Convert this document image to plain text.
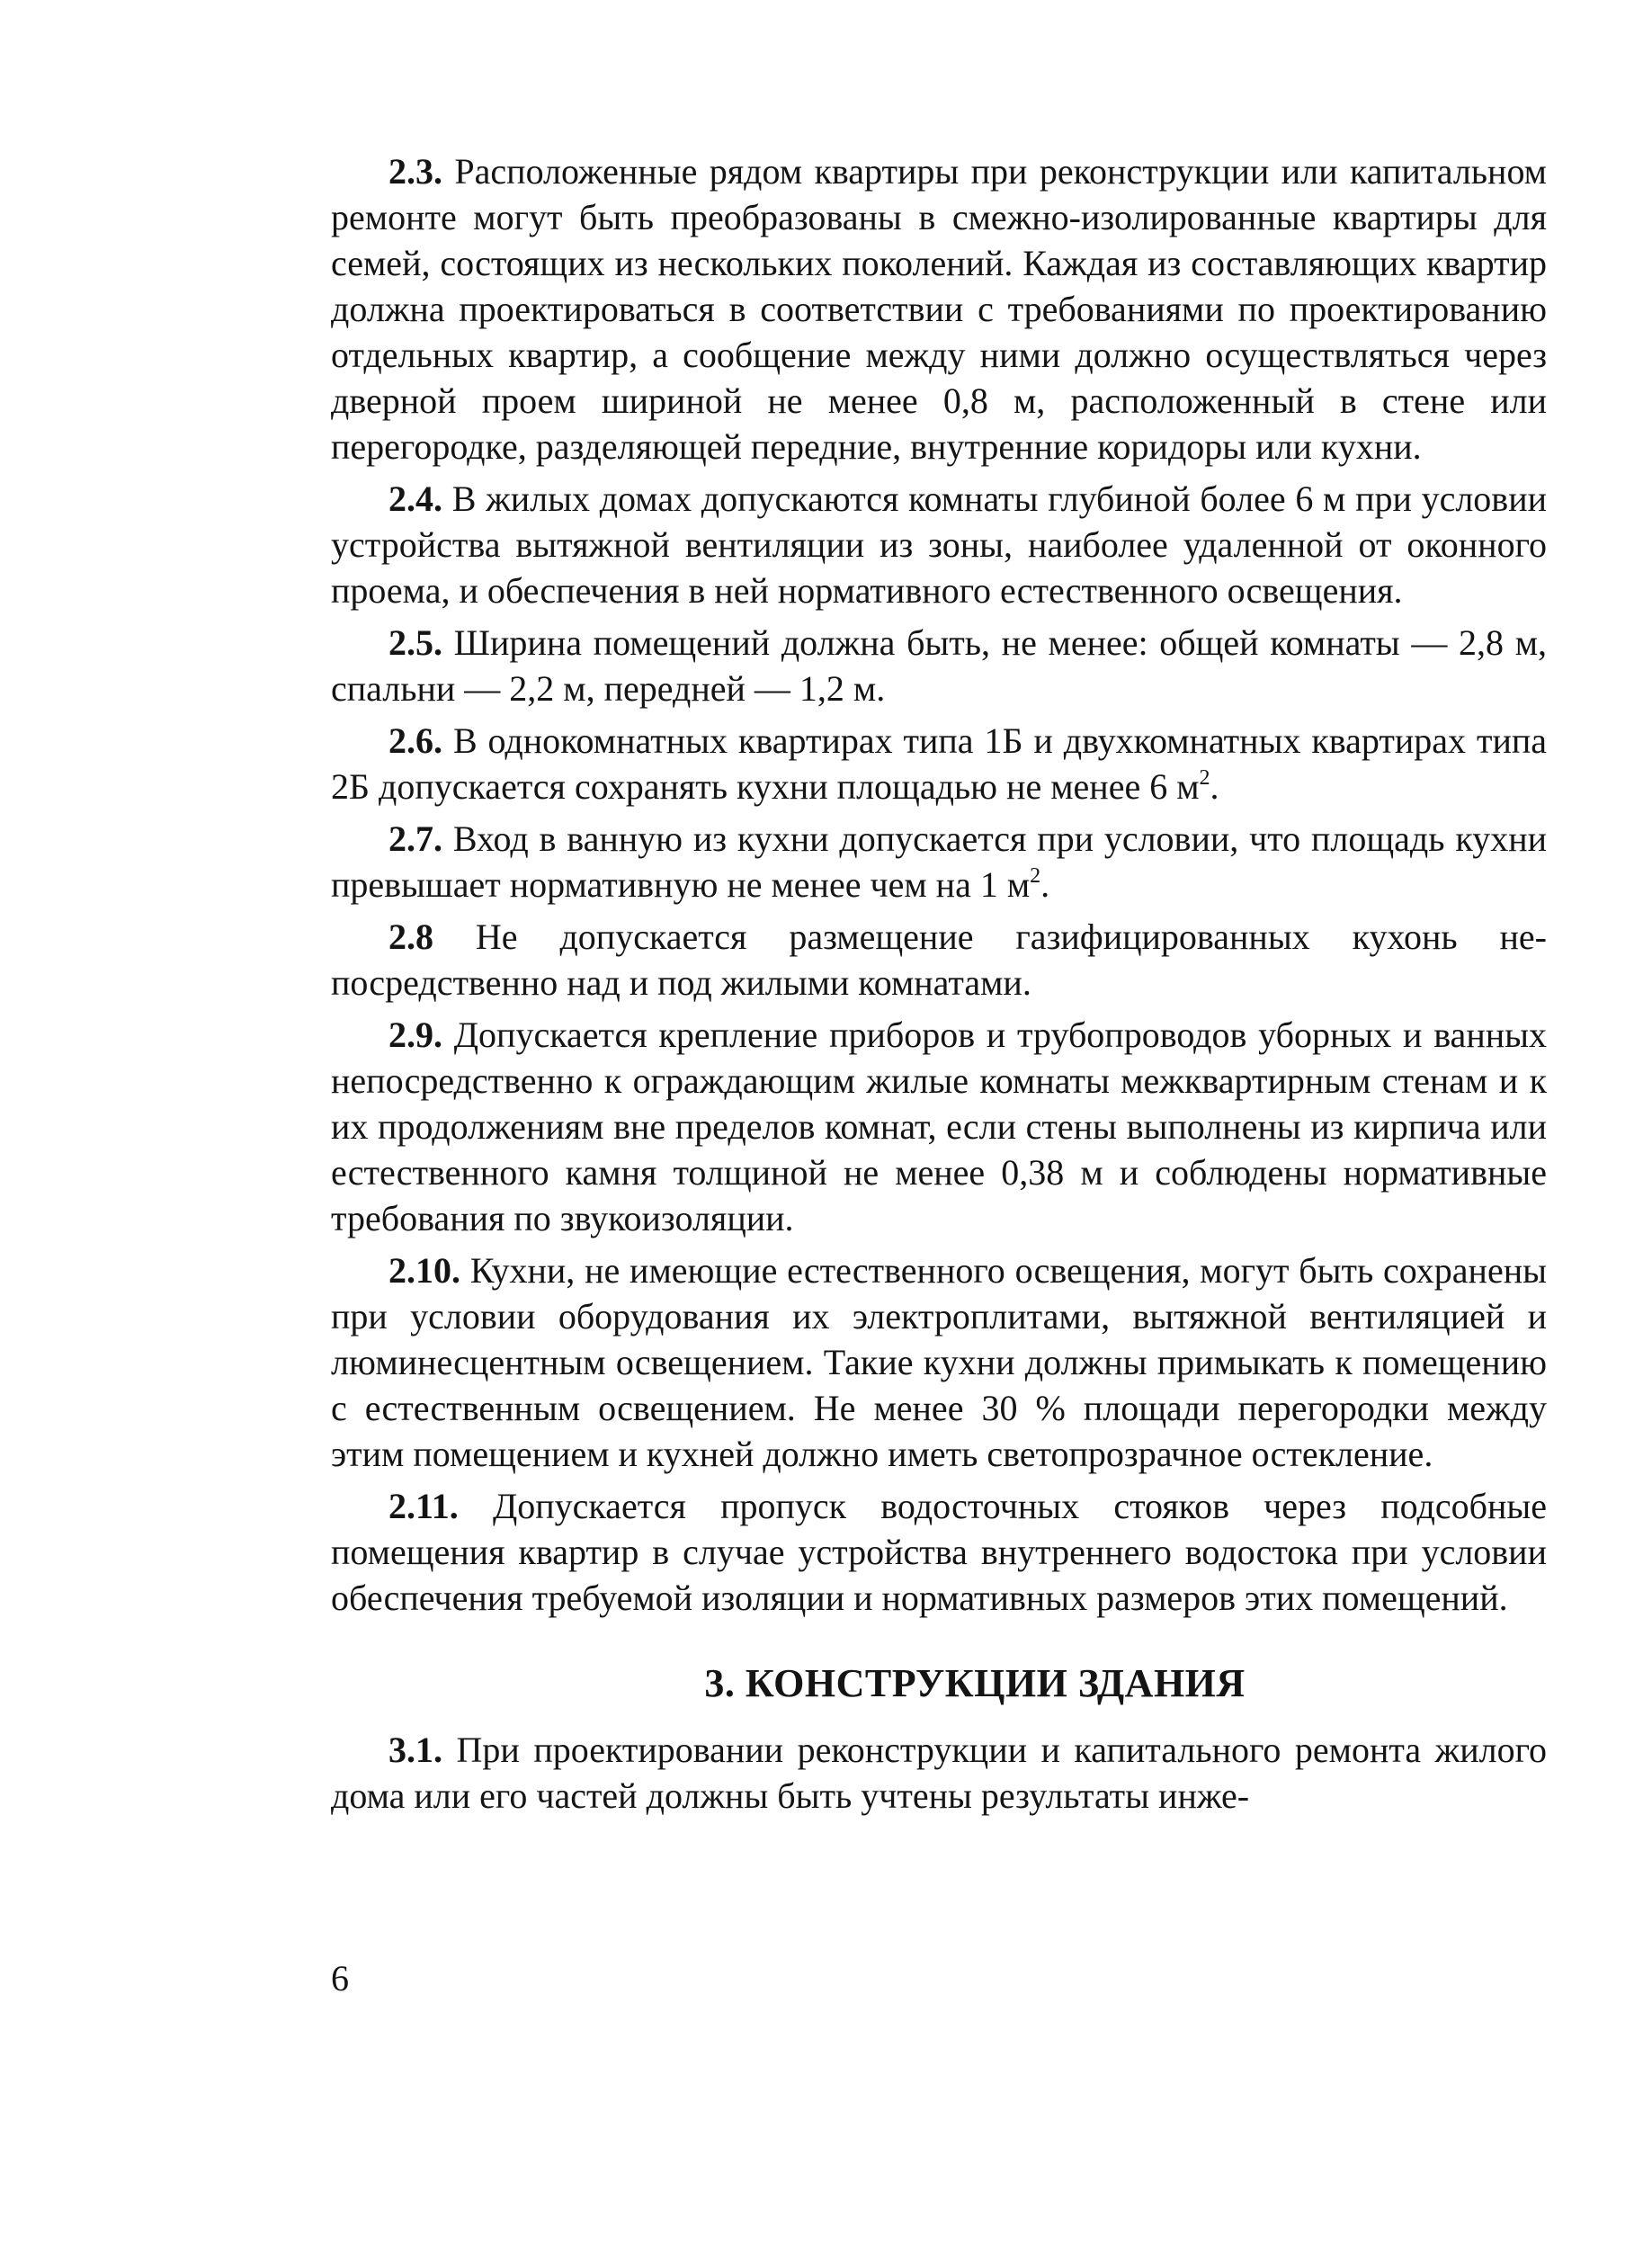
2.3. Расположенные рядом квартиры при реконструкции или капитальном ремонте могут быть преобразованы в смежно-изолированные квартиры для семей, состоящих из нескольких поколений. Каждая из составляющих квартир должна проектироваться в соответствии с требованиями по проектированию отдельных квартир, а сообщение между ними должно осуществляться через дверной проем шириной не менее 0,8 м, расположенный в стене или перегородке, разделяющей передние, внутренние коридоры или кухни.

2.4. В жилых домах допускаются комнаты глубиной более 6 м при условии устройства вытяжной вентиляции из зоны, наиболее удаленной от оконного проема, и обеспечения в ней нормативного естественного освещения.

2.5. Ширина помещений должна быть, не менее: общей комнаты — 2,8 м, спальни — 2,2 м, передней — 1,2 м.

2.6. В однокомнатных квартирах типа 1Б и двухкомнатных квартирах типа 2Б допускается сохранять кухни площадью не менее 6 $м^2$.

2.7. Вход в ванную из кухни допускается при условии, что площадь кухни превышает нормативную не менее чем на 1 $м^2$.

2.8 Не допускается размещение газифицированных кухонь непосредственно над и под жилыми комнатами.

2.9. Допускается крепление приборов и трубопроводов уборных и ванных непосредственно к ограждающим жилые комнаты межквартирным стенам и к их продолжениям вне пределов комнат, если стены выполнены из кирпича или естественного камня толщиной не менее 0,38 м и соблюдены нормативные требования по звукоизоляции.

2.10. Кухни, не имеющие естественного освещения, могут быть сохранены при условии оборудования их электроплитами, вытяжной вентиляцией и люминесцентным освещением. Такие кухни должны примыкать к помещению с естественным освещением. Не менее 30 % площади перегородки между этим помещением и кухней должно иметь светопрозрачное остекление.

2.11. Допускается пропуск водосточных стояков через подсобные помещения квартир в случае устройства внутреннего водостока при условии обеспечения требуемой изоляции и нормативных размеров этих помещений.

3. КОНСТРУКЦИИ ЗДАНИЯ

3.1. При проектировании реконструкции и капитального ремонта жилого дома или его частей должны быть учтены результаты инже-

6
